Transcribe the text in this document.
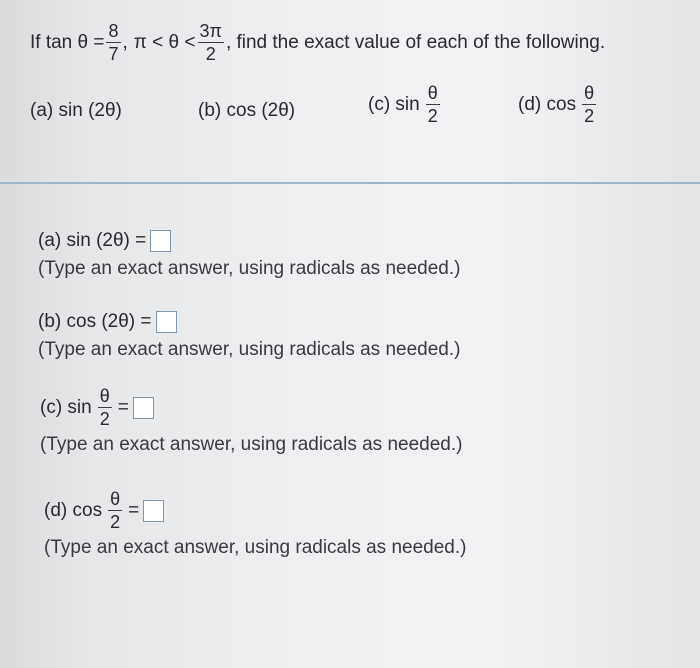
If $\tan \theta = \frac{8}{7}$ , $\pi < \theta < \frac{3\pi}{2}$ , find the exact value of each of the following.
(a) sin (2θ)	(b) cos (2θ)	(c) $\sin \frac{\theta}{2}$	(d) $\cos \frac{\theta}{2}$
(a) sin (2θ) =
(Type an exact answer, using radicals as needed.)
(b) cos (2θ) =
(Type an exact answer, using radicals as needed.)
(c) $\sin \frac{\theta}{2}$ =
(Type an exact answer, using radicals as needed.)
(d) $\cos \frac{\theta}{2}$ =
(Type an exact answer, using radicals as needed.)
